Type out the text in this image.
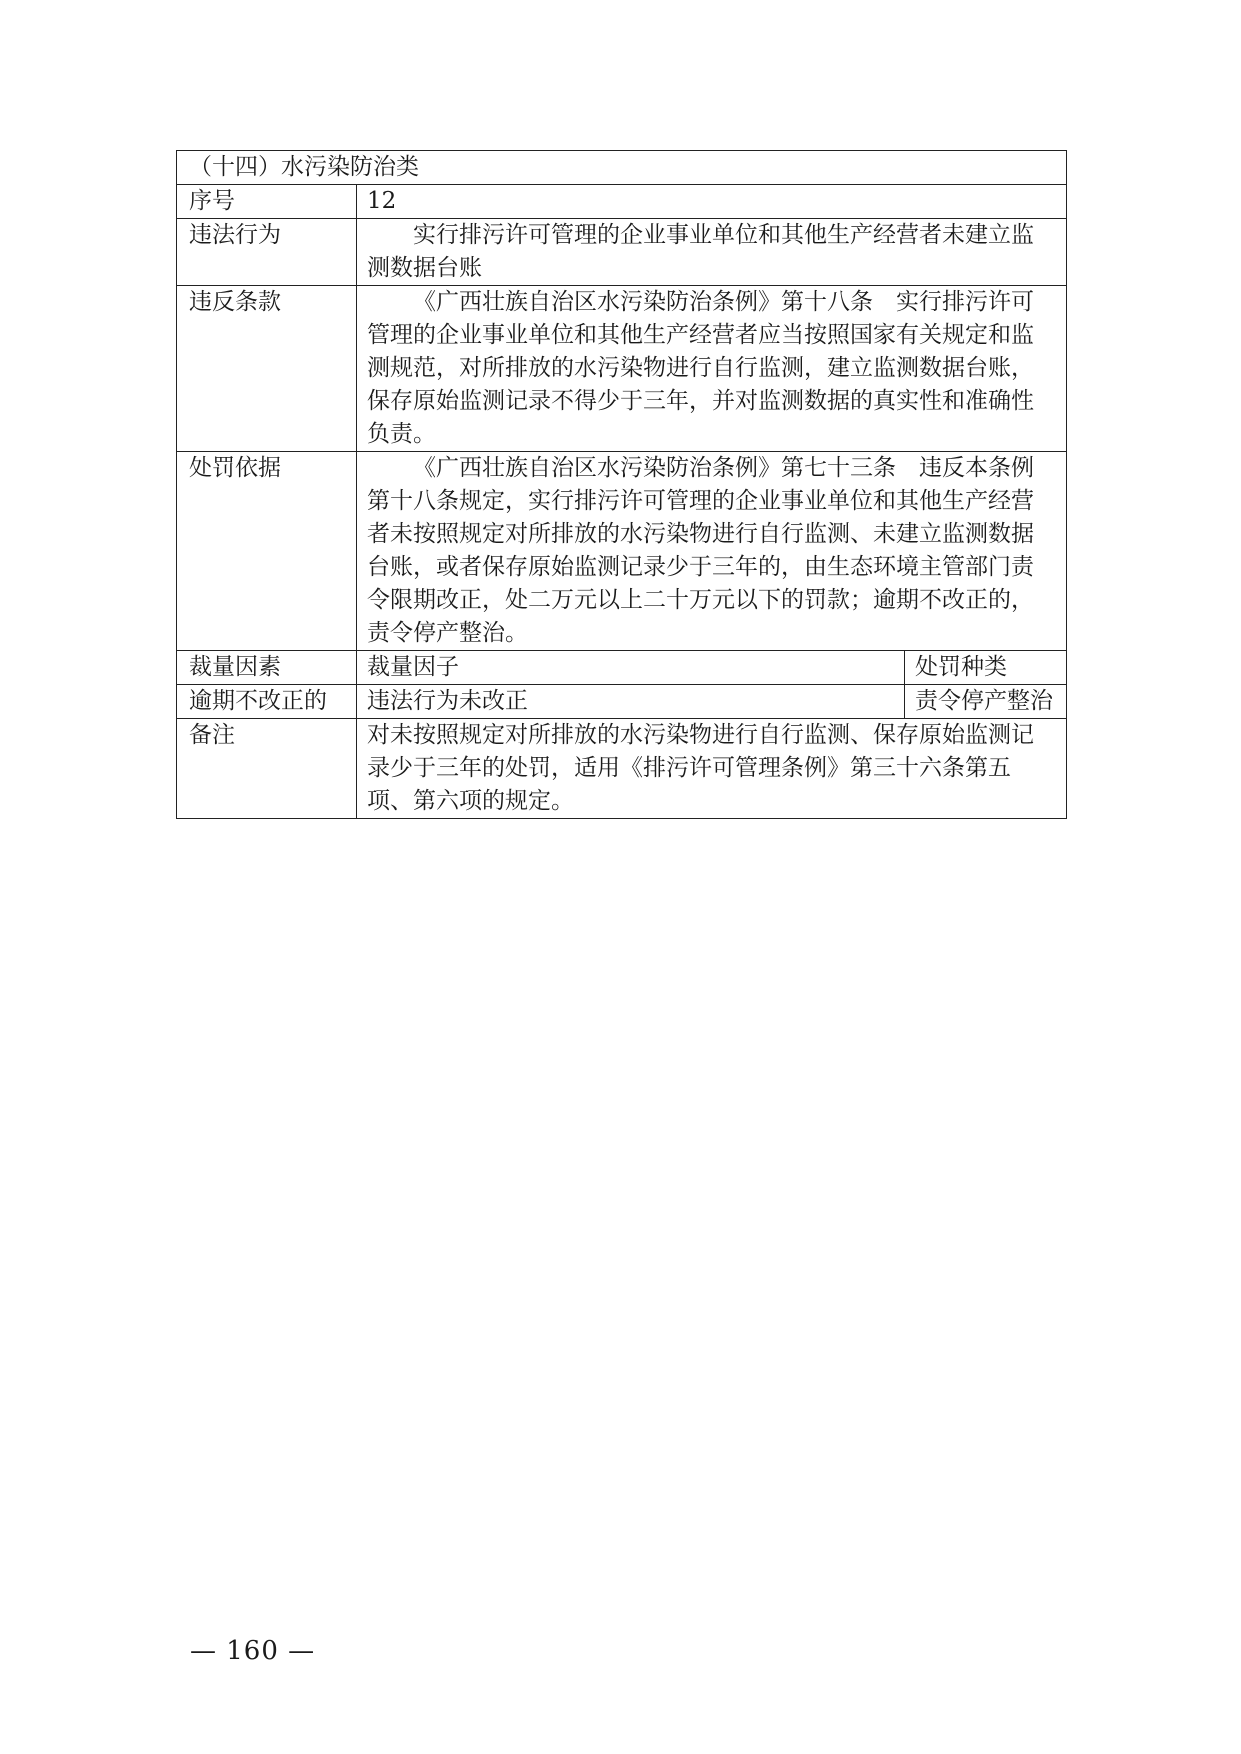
（十四）水污染防治类		
序号	12	
违法行为	实行排污许可管理的企业事业单位和其他生产经营者未建立监测数据台账	
违反条款	《广西壮族自治区水污染防治条例》第十八条　实行排污许可管理的企业事业单位和其他生产经营者应当按照国家有关规定和监测规范，对所排放的水污染物进行自行监测，建立监测数据台账，保存原始监测记录不得少于三年，并对监测数据的真实性和准确性负责。	
处罚依据	《广西壮族自治区水污染防治条例》第七十三条　违反本条例第十八条规定，实行排污许可管理的企业事业单位和其他生产经营者未按照规定对所排放的水污染物进行自行监测、未建立监测数据台账，或者保存原始监测记录少于三年的，由生态环境主管部门责令限期改正，处二万元以上二十万元以下的罚款；逾期不改正的，责令停产整治。	
裁量因素	裁量因子	处罚种类
逾期不改正的	违法行为未改正	责令停产整治
备注	对未按照规定对所排放的水污染物进行自行监测、保存原始监测记录少于三年的处罚，适用《排污许可管理条例》第三十六条第五项、第六项的规定。	
— 160 —
